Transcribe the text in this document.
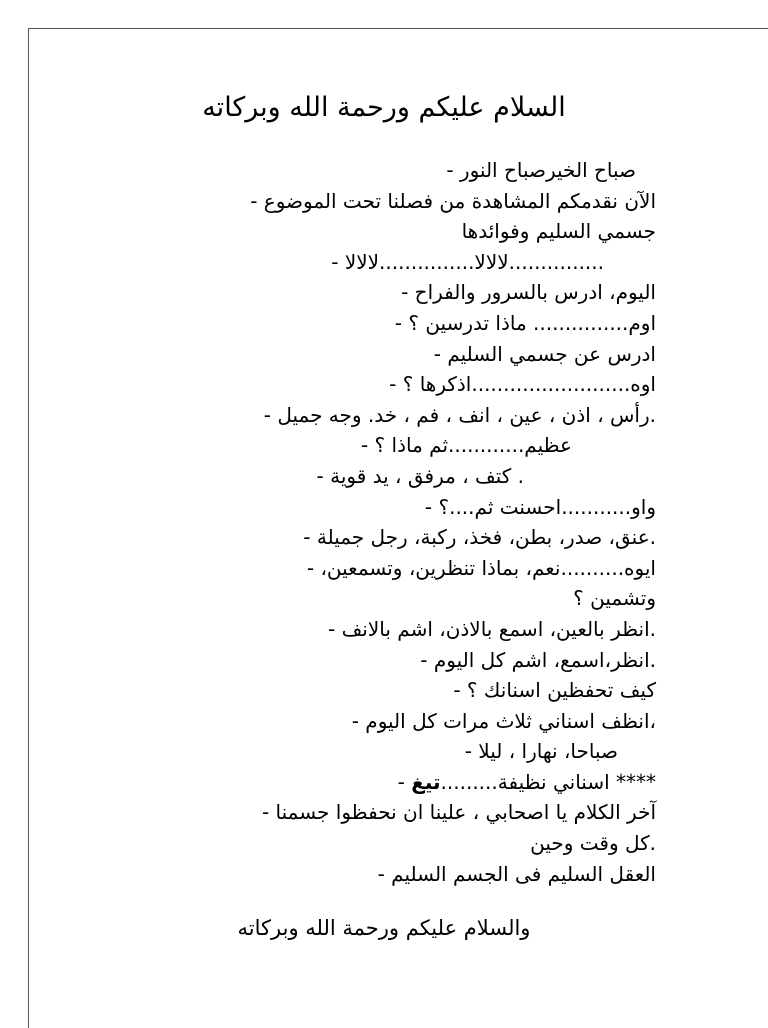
السلام عليكم ورحمة الله وبركاته
صباح الخيرصباح النور -
الآن نقدمكم المشاهدة من فصلنا تحت الموضوع -
جسمي السليم وفوائدها
...............لالالا...............لالالا -
اليوم، ادرس بالسرور والفراح -
اوم............... ماذا تدرسين ؟ -
ادرس عن جسمي السليم -
اوه.........................اذكرها ؟ -
.رأس ، اذن ، عين ، انف ، فم ، خد. وجه جميل -
عظيم............ثم ماذا ؟ -
. كتف ، مرفق ، يد قوية -
واو...........احسنت ثم....؟ -
.عنق، صدر، بطن، فخذ، ركبة، رجل جميلة -
ايوه..........نعم، بماذا تنظرين، وتسمعين، -
وتشمين ؟
.انظر بالعين، اسمع بالاذن، اشم بالانف -
.انظر،اسمع، اشم كل اليوم -
كيف تحفظين اسنانك ؟ -
،انظف اسناني ثلاث مرات كل اليوم -
صباحا، نهارا ، ليلا -
**** اسناني نظيفة.........تيغ -
آخر الكلام يا اصحابي ، علينا ان نحفظوا جسمنا -
.كل وقت وحين
العقل السليم فى الجسم السليم -
والسلام عليكم ورحمة الله وبركاته
